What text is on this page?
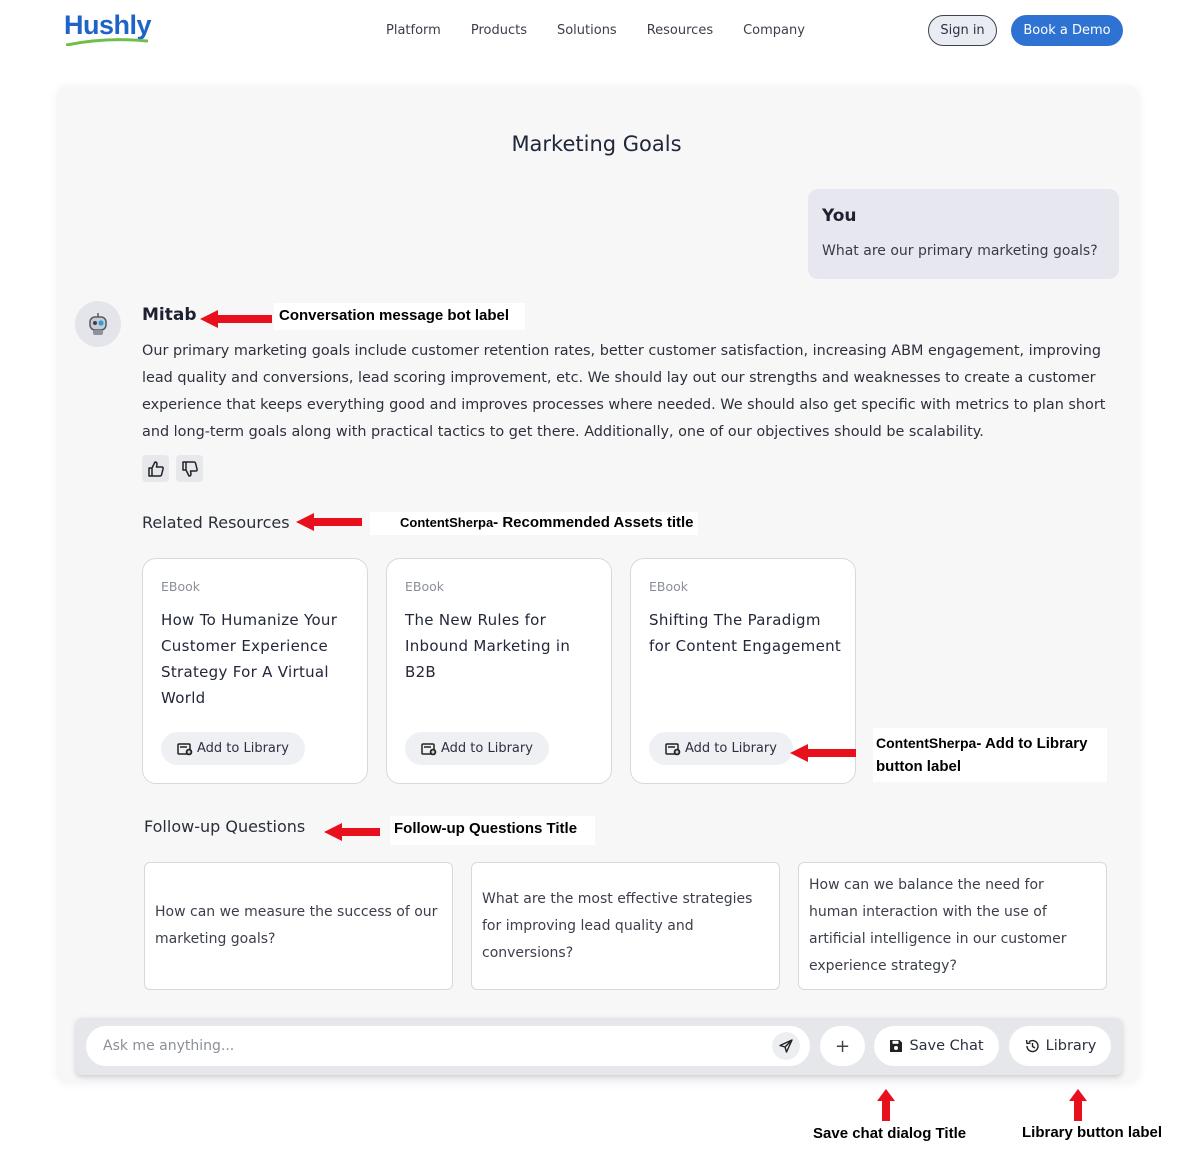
Hushly	Platform Products Solutions Resources Company	Sign in	Book a Demo
Marketing Goals
You
What are our primary marketing goals?
Mitab
Our primary marketing goals include customer retention rates, better customer satisfaction, increasing ABM engagement, improving lead quality and conversions, lead scoring improvement, etc. We should lay out our strengths and weaknesses to create a customer experience that keeps everything good and improves processes where needed. We should also get specific with metrics to plan short and long-term goals along with practical tactics to get there. Additionally, one of our objectives should be scalability.
Related Resources
EBook
How To Humanize Your Customer Experience Strategy For A Virtual World
Add to Library
EBook
The New Rules for Inbound Marketing in B2B
Add to Library
EBook
Shifting The Paradigm for Content Engagement
Add to Library
Follow-up Questions
How can we measure the success of our marketing goals?
What are the most effective strategies for improving lead quality and conversions?
How can we balance the need for human interaction with the use of artificial intelligence in our customer experience strategy?
Ask me anything...
+	Save Chat	Library
Conversation message bot label
ContentSherpa- Recommended Assets title
ContentSherpa- Add to Library
button label
Follow-up Questions Title
Save chat dialog Title	Library button label
